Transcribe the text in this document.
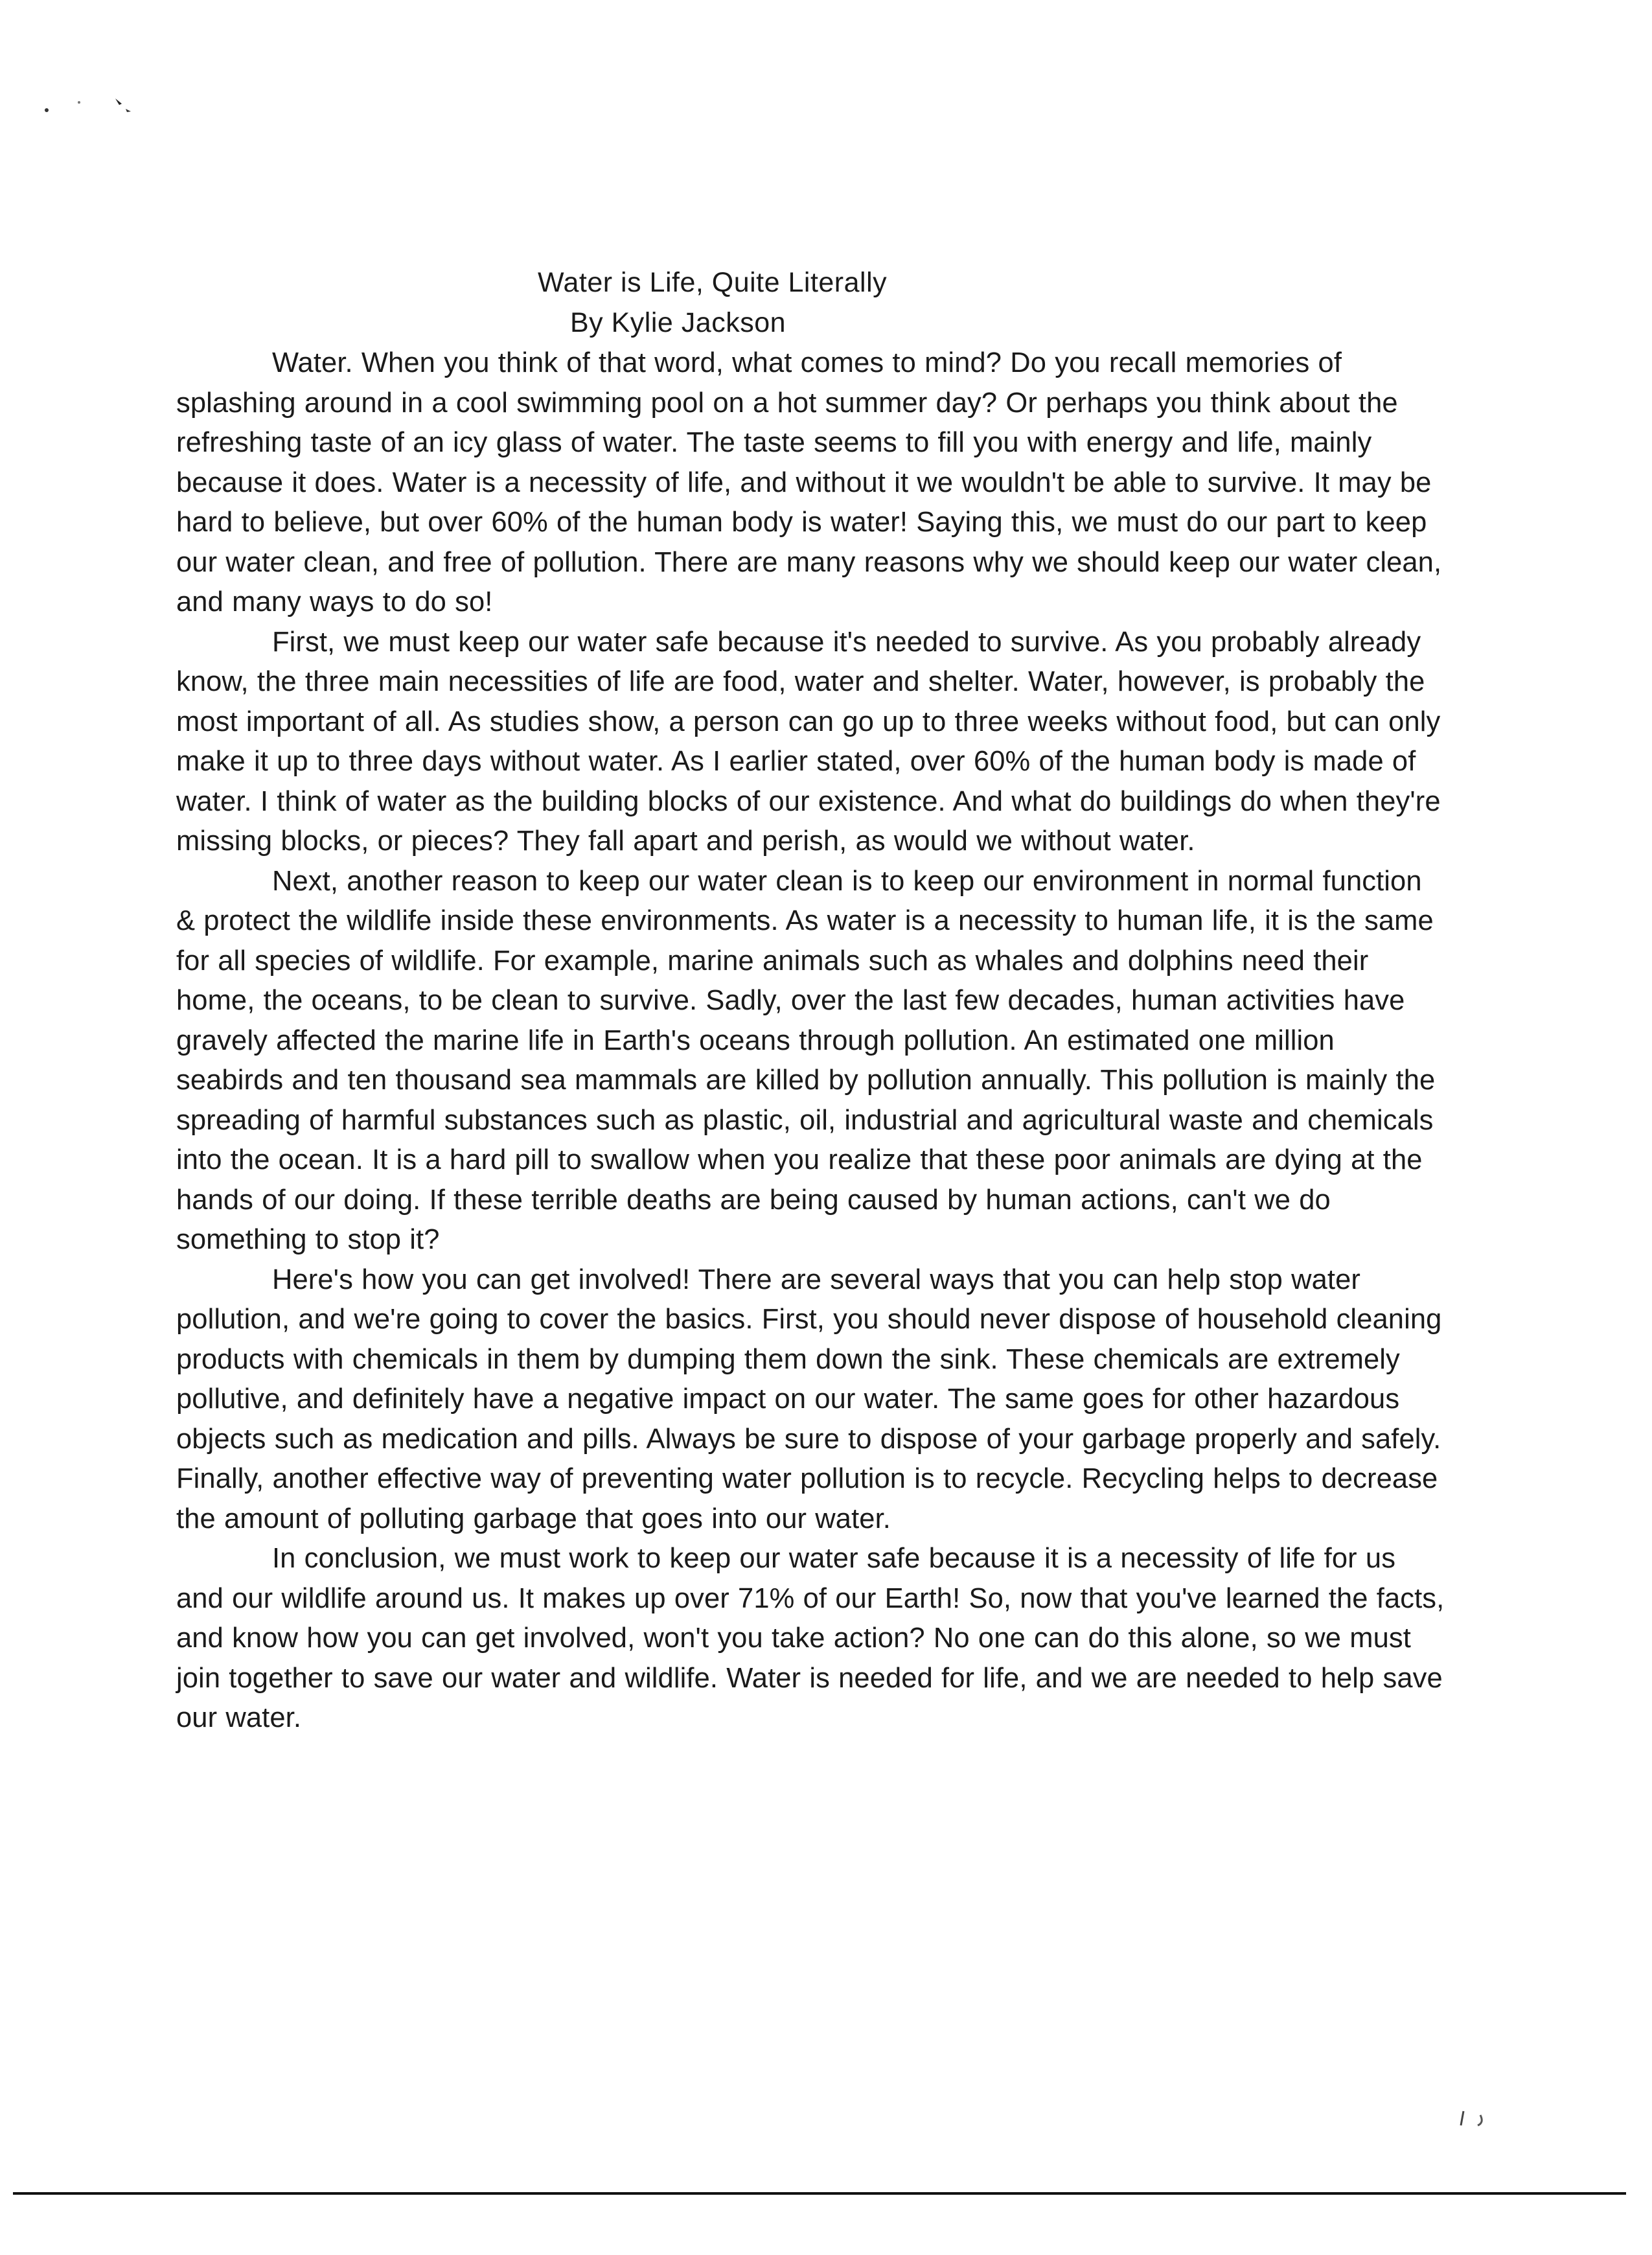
Water is Life, Quite Literally
By Kylie Jackson

Water. When you think of that word, what comes to mind? Do you recall memories of splashing around in a cool swimming pool on a hot summer day? Or perhaps you think about the refreshing taste of an icy glass of water. The taste seems to fill you with energy and life, mainly because it does. Water is a necessity of life, and without it we wouldn't be able to survive. It may be hard to believe, but over 60% of the human body is water! Saying this, we must do our part to keep our water clean, and free of pollution. There are many reasons why we should keep our water clean, and many ways to do so!

First, we must keep our water safe because it's needed to survive. As you probably already know, the three main necessities of life are food, water and shelter. Water, however, is probably the most important of all. As studies show, a person can go up to three weeks without food, but can only make it up to three days without water. As I earlier stated, over 60% of the human body is made of water. I think of water as the building blocks of our existence. And what do buildings do when they're missing blocks, or pieces? They fall apart and perish, as would we without water.

Next, another reason to keep our water clean is to keep our environment in normal function & protect the wildlife inside these environments. As water is a necessity to human life, it is the same for all species of wildlife. For example, marine animals such as whales and dolphins need their home, the oceans, to be clean to survive. Sadly, over the last few decades, human activities have gravely affected the marine life in Earth's oceans through pollution. An estimated one million seabirds and ten thousand sea mammals are killed by pollution annually. This pollution is mainly the spreading of harmful substances such as plastic, oil, industrial and agricultural waste and chemicals into the ocean. It is a hard pill to swallow when you realize that these poor animals are dying at the hands of our doing. If these terrible deaths are being caused by human actions, can't we do something to stop it?

Here's how you can get involved! There are several ways that you can help stop water pollution, and we're going to cover the basics. First, you should never dispose of household cleaning products with chemicals in them by dumping them down the sink. These chemicals are extremely pollutive, and definitely have a negative impact on our water. The same goes for other hazardous objects such as medication and pills. Always be sure to dispose of your garbage properly and safely. Finally, another effective way of preventing water pollution is to recycle. Recycling helps to decrease the amount of polluting garbage that goes into our water.

In conclusion, we must work to keep our water safe because it is a necessity of life for us and our wildlife around us. It makes up over 71% of our Earth! So, now that you've learned the facts, and know how you can get involved, won't you take action? No one can do this alone, so we must join together to save our water and wildlife. Water is needed for life, and we are needed to help save our water.
